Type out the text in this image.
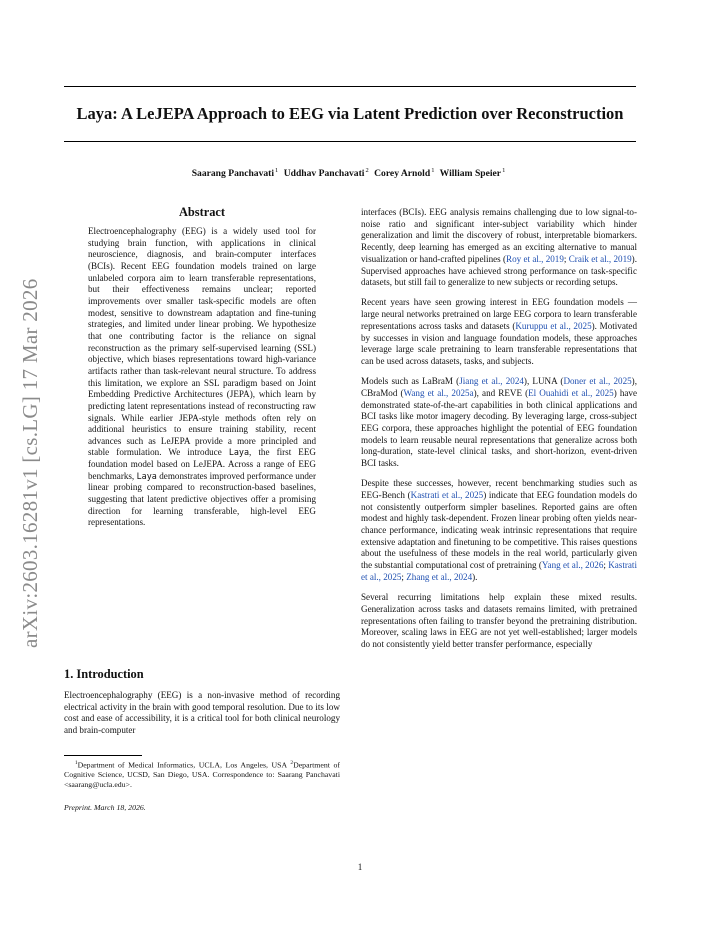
Laya: A LeJEPA Approach to EEG via Latent Prediction over Reconstruction
Saarang Panchavati$^1$ Uddhav Panchavati$^2$ Corey Arnold$^1$ William Speier$^1$
arXiv:2603.16281v1 [cs.LG] 17 Mar 2026
Abstract

Electroencephalography (EEG) is a widely used tool for studying brain function, with applications in clinical neuroscience, diagnosis, and brain-computer interfaces (BCIs). Recent EEG foundation models trained on large unlabeled corpora aim to learn transferable representations, but their effectiveness remains unclear; reported improvements over smaller task-specific models are often modest, sensitive to downstream adaptation and fine-tuning strategies, and limited under linear probing. We hypothesize that one contributing factor is the reliance on signal reconstruction as the primary self-supervised learning (SSL) objective, which biases representations toward high-variance artifacts rather than task-relevant neural structure. To address this limitation, we explore an SSL paradigm based on Joint Embedding Predictive Architectures (JEPA), which learn by predicting latent representations instead of reconstructing raw signals. While earlier JEPA-style methods often rely on additional heuristics to ensure training stability, recent advances such as LeJEPA provide a more principled and stable formulation. We introduce Laya, the first EEG foundation model based on LeJEPA. Across a range of EEG benchmarks, Laya demonstrates improved performance under linear probing compared to reconstruction-based baselines, suggesting that latent predictive objectives offer a promising direction for learning transferable, high-level EEG representations.

1. Introduction

Electroencephalography (EEG) is a non-invasive method of recording electrical activity in the brain with good temporal resolution. Due to its low cost and ease of accessibility, it is a critical tool for both clinical neurology and brain-computer

$^1$Department of Medical Informatics, UCLA, Los Angeles, USA $^2$Department of Cognitive Science, UCSD, San Diego, USA. Correspondence to: Saarang Panchavati <saarang@ucla.edu>.

Preprint. March 18, 2026.

interfaces (BCIs). EEG analysis remains challenging due to low signal-to-noise ratio and significant inter-subject variability which hinder generalization and limit the discovery of robust, interpretable biomarkers. Recently, deep learning has emerged as an exciting alternative to manual visualization or hand-crafted pipelines (Roy et al., 2019; Craik et al., 2019). Supervised approaches have achieved strong performance on task-specific datasets, but still fail to generalize to new subjects or recording setups.

Recent years have seen growing interest in EEG foundation models — large neural networks pretrained on large EEG corpora to learn transferable representations across tasks and datasets (Kuruppu et al., 2025). Motivated by successes in vision and language foundation models, these approaches leverage large scale pretraining to learn transferable representations that can be used across datasets, tasks, and subjects.

Models such as LaBraM (Jiang et al., 2024), LUNA (Doner et al., 2025), CBraMod (Wang et al., 2025a), and REVE (El Ouahidi et al., 2025) have demonstrated state-of-the-art capabilities in both clinical applications and BCI tasks like motor imagery decoding. By leveraging large, cross-subject EEG corpora, these approaches highlight the potential of EEG foundation models to learn reusable neural representations that generalize across both long-duration, state-level clinical tasks, and short-horizon, event-driven BCI tasks.

Despite these successes, however, recent benchmarking studies such as EEG-Bench (Kastrati et al., 2025) indicate that EEG foundation models do not consistently outperform simpler baselines. Reported gains are often modest and highly task-dependent. Frozen linear probing often yields near-chance performance, indicating weak intrinsic representations that require extensive adaptation and finetuning to be competitive. This raises questions about the usefulness of these models in the real world, particularly given the substantial computational cost of pretraining (Yang et al., 2026; Kastrati et al., 2025; Zhang et al., 2024).

Several recurring limitations help explain these mixed results. Generalization across tasks and datasets remains limited, with pretrained representations often failing to transfer beyond the pretraining distribution. Moreover, scaling laws in EEG are not yet well-established; larger models do not consistently yield better transfer performance, especially

1
